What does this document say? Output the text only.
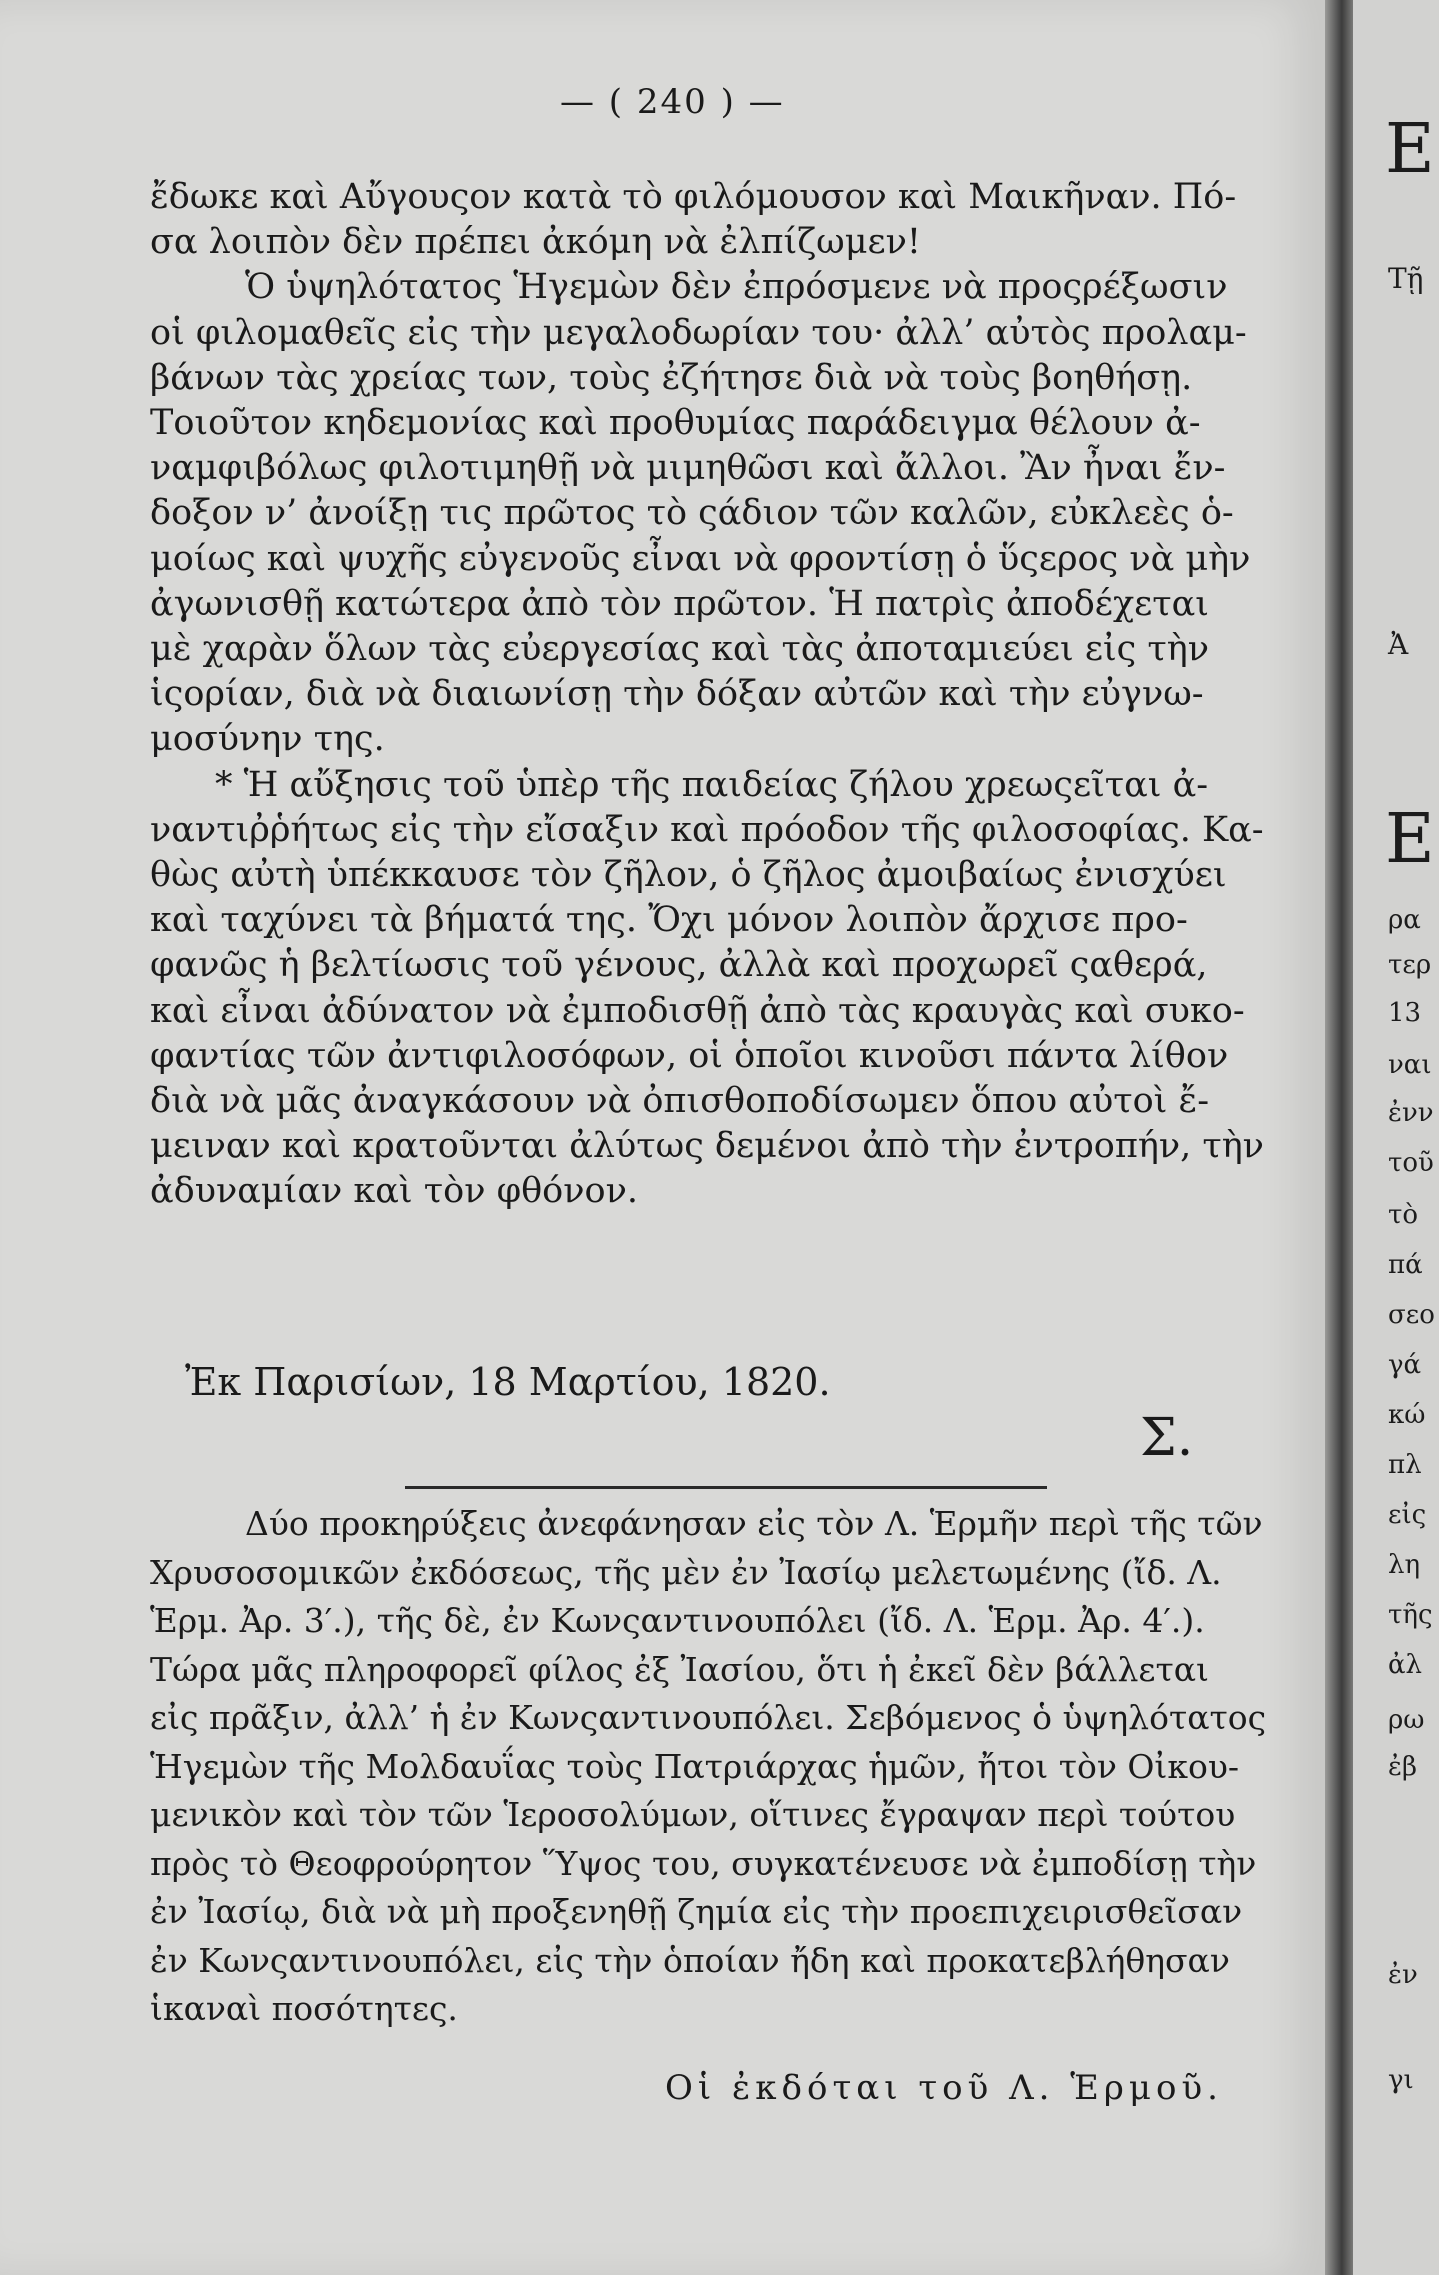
— ( 240 ) —

ἔδωκε καὶ Αὔγουςον κατὰ τὸ φιλόμουσον καὶ Μαικῆναν. Πό-

σα λοιπὸν δὲν πρέπει ἀκόμη νὰ ἐλπίζωμεν!

Ὁ ὑψηλότατος Ἡγεμὼν δὲν ἐπρόσμενε νὰ προςρέξωσιν

οἱ φιλομαθεῖς εἰς τὴν μεγαλοδωρίαν του· ἀλλ’ αὐτὸς προλαμ-

βάνων τὰς χρείας των, τοὺς ἐζήτησε διὰ νὰ τοὺς βοηθήσῃ.

Τοιοῦτον κηδεμονίας καὶ προθυμίας παράδειγμα θέλουν ἀ-

ναμφιβόλως φιλοτιμηθῇ νὰ μιμηθῶσι καὶ ἄλλοι. Ἂν ἦναι ἔν-

δοξον ν’ ἀνοίξῃ τις πρῶτος τὸ ςάδιον τῶν καλῶν, εὐκλεὲς ὁ-

μοίως καὶ ψυχῆς εὐγενοῦς εἶναι νὰ φροντίσῃ ὁ ὕςερος νὰ μὴν

ἀγωνισθῇ κατώτερα ἀπὸ τὸν πρῶτον. Ἡ πατρὶς ἀποδέχεται

μὲ χαρὰν ὅλων τὰς εὐεργεσίας καὶ τὰς ἀποταμιεύει εἰς τὴν

ἱςορίαν, διὰ νὰ διαιωνίσῃ τὴν δόξαν αὐτῶν καὶ τὴν εὐγνω-

μοσύνην της.

* Ἡ αὔξησις τοῦ ὑπὲρ τῆς παιδείας ζήλου χρεωςεῖται ἀ-

ναντιῤῥήτως εἰς τὴν εἴσαξιν καὶ πρόοδον τῆς φιλοσοφίας. Κα-

θὼς αὐτὴ ὑπέκκαυσε τὸν ζῆλον, ὁ ζῆλος ἀμοιβαίως ἐνισχύει

καὶ ταχύνει τὰ βήματά της. Ὄχι μόνον λοιπὸν ἄρχισε προ-

φανῶς ἡ βελτίωσις τοῦ γένους, ἀλλὰ καὶ προχωρεῖ ςαθερά,

καὶ εἶναι ἀδύνατον νὰ ἐμποδισθῇ ἀπὸ τὰς κραυγὰς καὶ συκο-

φαντίας τῶν ἀντιφιλοσόφων, οἱ ὁποῖοι κινοῦσι πάντα λίθον

διὰ νὰ μᾶς ἀναγκάσουν νὰ ὀπισθοποδίσωμεν ὅπου αὐτοὶ ἔ-

μειναν καὶ κρατοῦνται ἀλύτως δεμένοι ἀπὸ τὴν ἐντροπήν, τὴν

ἀδυναμίαν καὶ τὸν φθόνον.

Ἐκ Παρισίων, 18 Μαρτίου, 1820.
Σ.

Δύο προκηρύξεις ἀνεφάνησαν εἰς τὸν Λ. Ἑρμῆν περὶ τῆς τῶν

Χρυσοσομικῶν ἐκδόσεως, τῆς μὲν ἐν Ἰασίῳ μελετωμένης (ἴδ. Λ.

Ἑρμ. Ἀρ. 3′.), τῆς δὲ, ἐν Κωνςαντινουπόλει (ἴδ. Λ. Ἑρμ. Ἀρ. 4′.).

Τώρα μᾶς πληροφορεῖ φίλος ἐξ Ἰασίου, ὅτι ἡ ἐκεῖ δὲν βάλλεται

εἰς πρᾶξιν, ἀλλ’ ἡ ἐν Κωνςαντινουπόλει. Σεβόμενος ὁ ὑψηλότατος

Ἡγεμὼν τῆς Μολδαυΐας τοὺς Πατριάρχας ἡμῶν, ἤτοι τὸν Οἰκου-

μενικὸν καὶ τὸν τῶν Ἱεροσολύμων, οἵτινες ἔγραψαν περὶ τούτου

πρὸς τὸ Θεοφρούρητον Ὕψος του, συγκατένευσε νὰ ἐμποδίσῃ τὴν

ἐν Ἰασίῳ, διὰ νὰ μὴ προξενηθῇ ζημία εἰς τὴν προεπιχειρισθεῖσαν

ἐν Κωνςαντινουπόλει, εἰς τὴν ὁποίαν ἤδη καὶ προκατεβλήθησαν

ἱκαναὶ ποσότητες.

Οἱ ἐκδόται τοῦ Λ. Ἑρμοῦ.
Ε
Τῇ
Ἀ
Ε
ρα
τερ
13
ναι
ἐνν
τοῦ
τὸ
πά
σεο
γά
κώ
πλ
εἰς
λη
τῆς
ἀλ
ρω
ἐβ
ἐν
γι
